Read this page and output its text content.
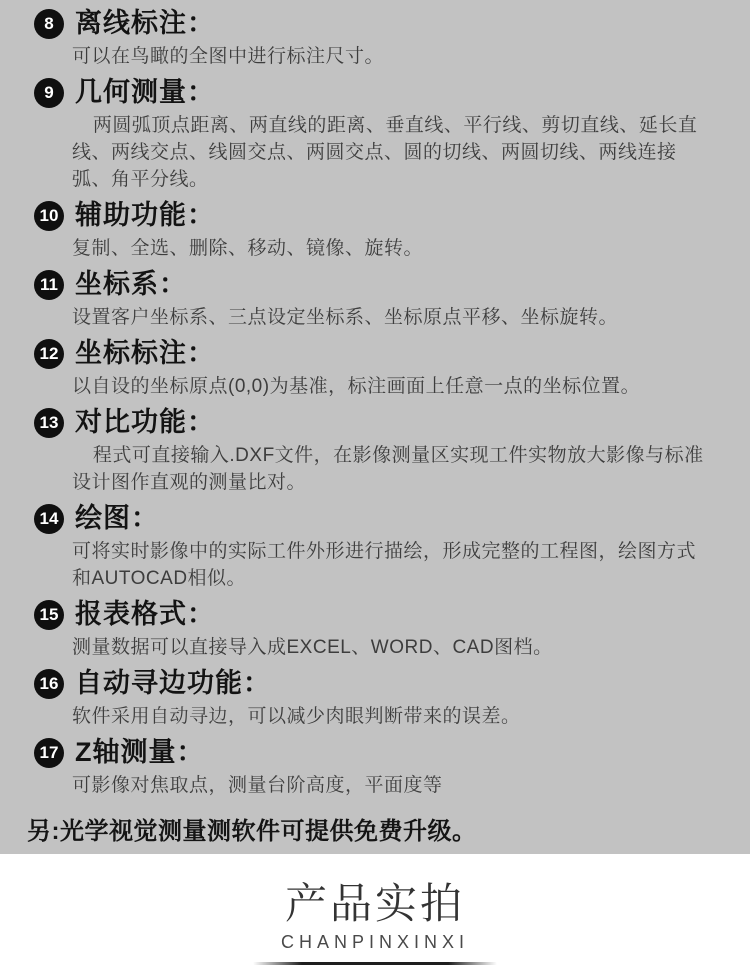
8 离线标注：

可以在鸟瞰的全图中进行标注尺寸。

9 几何测量：

两圆弧顶点距离、两直线的距离、垂直线、平行线、剪切直线、延长直线、两线交点、线圆交点、两圆交点、圆的切线、两圆切线、两线连接弧、角平分线。

10 辅助功能：

复制、全选、删除、移动、镜像、旋转。

11 坐标系：

设置客户坐标系、三点设定坐标系、坐标原点平移、坐标旋转。

12 坐标标注：

以自设的坐标原点(0,0)为基准，标注画面上任意一点的坐标位置。

13 对比功能：

程式可直接输入.DXF文件，在影像测量区实现工件实物放大影像与标准设计图作直观的测量比对。

14 绘图：

可将实时影像中的实际工件外形进行描绘，形成完整的工程图，绘图方式和AUTOCAD相似。

15 报表格式：

测量数据可以直接导入成EXCEL、WORD、CAD图档。

16 自动寻边功能：

软件采用自动寻边，可以减少肉眼判断带来的误差。

17 Z轴测量：

可影像对焦取点，测量台阶高度，平面度等

另:光学视觉测量测软件可提供免费升级。
产品实拍
CHANPINXINXI
